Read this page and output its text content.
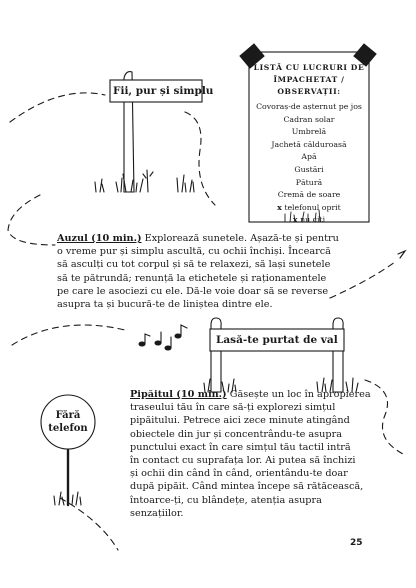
Fii, pur și simplu
LISTĂ CU LUCRURI DE
ÎMPACHETAT / OBSERVAȚII:
Covoraș-de așternut pe jos
Cadran solar
Umbrelă
Jachetă călduroasă
Apă
Gustări
Pătură
Cremă de soare
x telefonul oprit
x nu citi
Auzul (10 min.) Explorează sunetele. Așază-te și pentru
o vreme pur și simplu ascultă, cu ochii închiși. Încearcă
să asculți cu tot corpul și să te relaxezi, să lași sunetele
să te pătrundă; renunță la etichetele și raționamentele
pe care le asociezi cu ele. Dă-le voie doar să se reverse
asupra ta și bucură-te de liniștea dintre ele.
Lasă-te purtat de val
Fără
telefon
Pipăitul (10 min.) Găsește un loc în apropierea
traseului tău în care să-ți explorezi simțul
pipăitului. Petrece aici zece minute atingând
obiectele din jur și concentrându-te asupra
punctului exact în care simțul tău tactil intră
în contact cu suprafața lor. Ai putea să închizi
și ochii din când în când, orientându-te doar
după pipăit. Când mintea începe să rătăcească,
întoarce-ți, cu blândețe, atenția asupra
senzațiilor.
25
